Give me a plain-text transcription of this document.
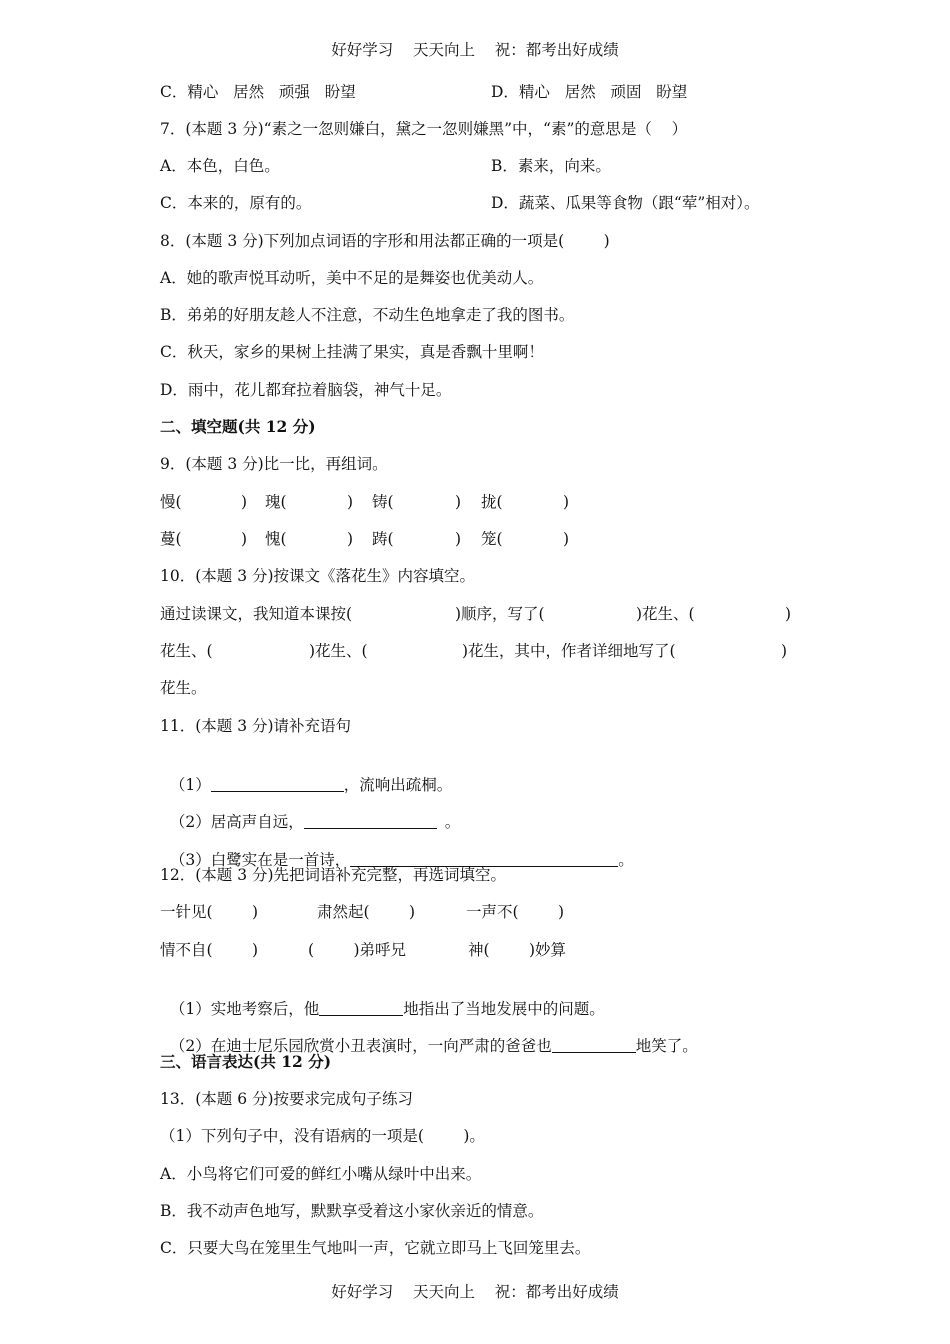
好好学习    天天向上    祝：都考出好成绩
C．精心   居然   顽强   盼望	D．精心   居然   顽固   盼望
7．(本题 3 分)“素之一忽则嫌白，黛之一忽则嫌黑”中，“素”的意思是（    ）
A．本色，白色。	B．素来，向来。
C．本来的，原有的。	D．蔬菜、瓜果等食物（跟“荤”相对）。
8．(本题 3 分)下列加点词语的字形和用法都正确的一项是(        )
A．她的歌声悦耳动听，美中不足的是舞姿也优美动人。
B．弟弟的好朋友趁人不注意，不动生色地拿走了我的图书。
C．秋天，家乡的果树上挂满了果实，真是香飘十里啊！
D．雨中，花儿都耷拉着脑袋，神气十足。
二、填空题(共 12 分)
9．(本题 3 分)比一比，再组词。
慢(	) 瑰(	) 铸(	) 拢(	)
蔓(	) 愧(	) 踌(	) 笼(	)
10．(本题 3 分)按课文《落花生》内容填空。
通过读课文，我知道本课按(	)顺序，写了(	)花生、(	)
花生、(	)花生、(	)花生，其中，作者详细地写了(	)
花生。
11．(本题 3 分)请补充语句

（1）	，流响出疏桐。

（2）居高声自远，	。

（3）白鹭实在是一首诗，	。

12．(本题 3 分)先把词语补充完整，再选词填空。
一针见(        )	肃然起(        )	一声不(        )
情不自(        )	(        )弟呼兄	神(        )妙算

（1）实地考察后，他	地指出了当地发展中的问题。

（2）在迪士尼乐园欣赏小丑表演时，一向严肃的爸爸也	地笑了。

三、语言表达(共 12 分)
13．(本题 6 分)按要求完成句子练习
（1）下列句子中，没有语病的一项是(        )。
A．小鸟将它们可爱的鲜红小嘴从绿叶中出来。
B．我不动声色地写，默默享受着这小家伙亲近的情意。
C．只要大鸟在笼里生气地叫一声，它就立即马上飞回笼里去。
好好学习    天天向上    祝：都考出好成绩
